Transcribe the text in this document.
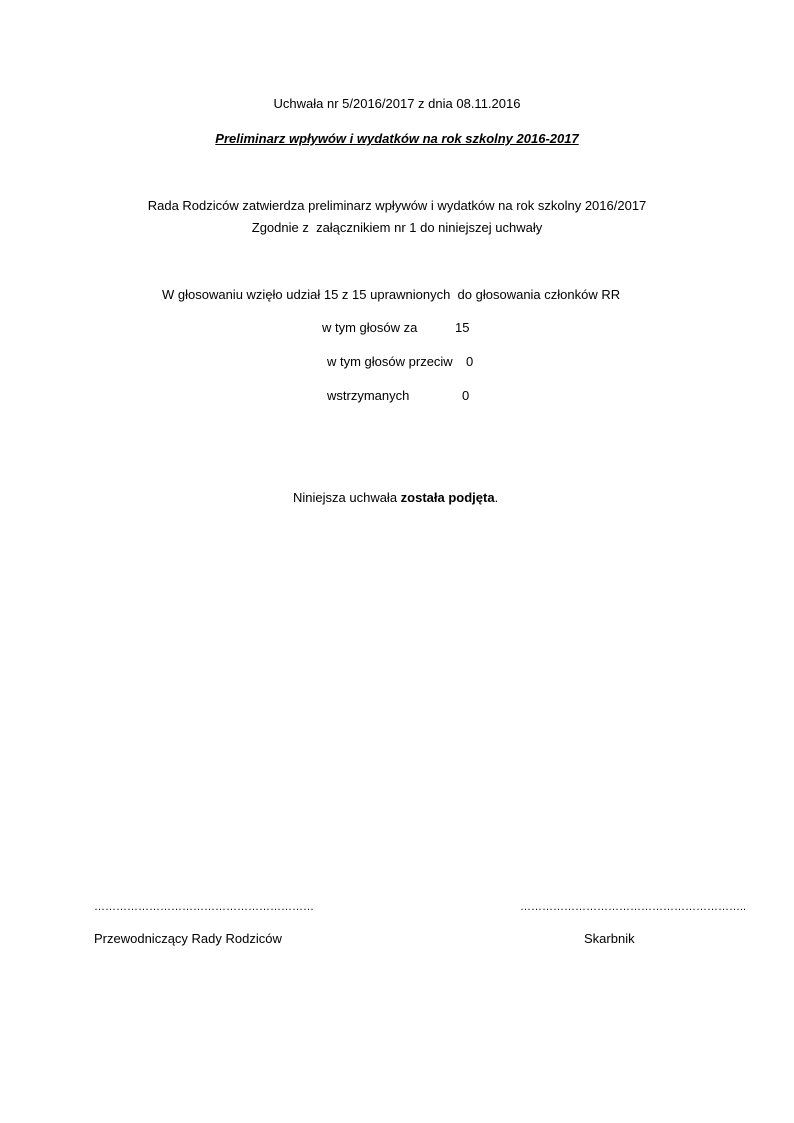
Uchwała nr 5/2016/2017 z dnia 08.11.2016
Preliminarz wpływów i wydatków na rok szkolny 2016-2017
Rada Rodziców zatwierdza preliminarz wpływów i wydatków na rok szkolny 2016/2017
Zgodnie z  załącznikiem nr 1 do niniejszej uchwały
W głosowaniu wzięło udział 15 z 15 uprawnionych  do głosowania członków RR
w tym głosów za	15
w tym głosów przeciw 0
wstrzymanych	0
Niniejsza uchwała została podjęta.
……………………………………………………	……………………………………………………..
Przewodniczący Rady Rodziców	Skarbnik
